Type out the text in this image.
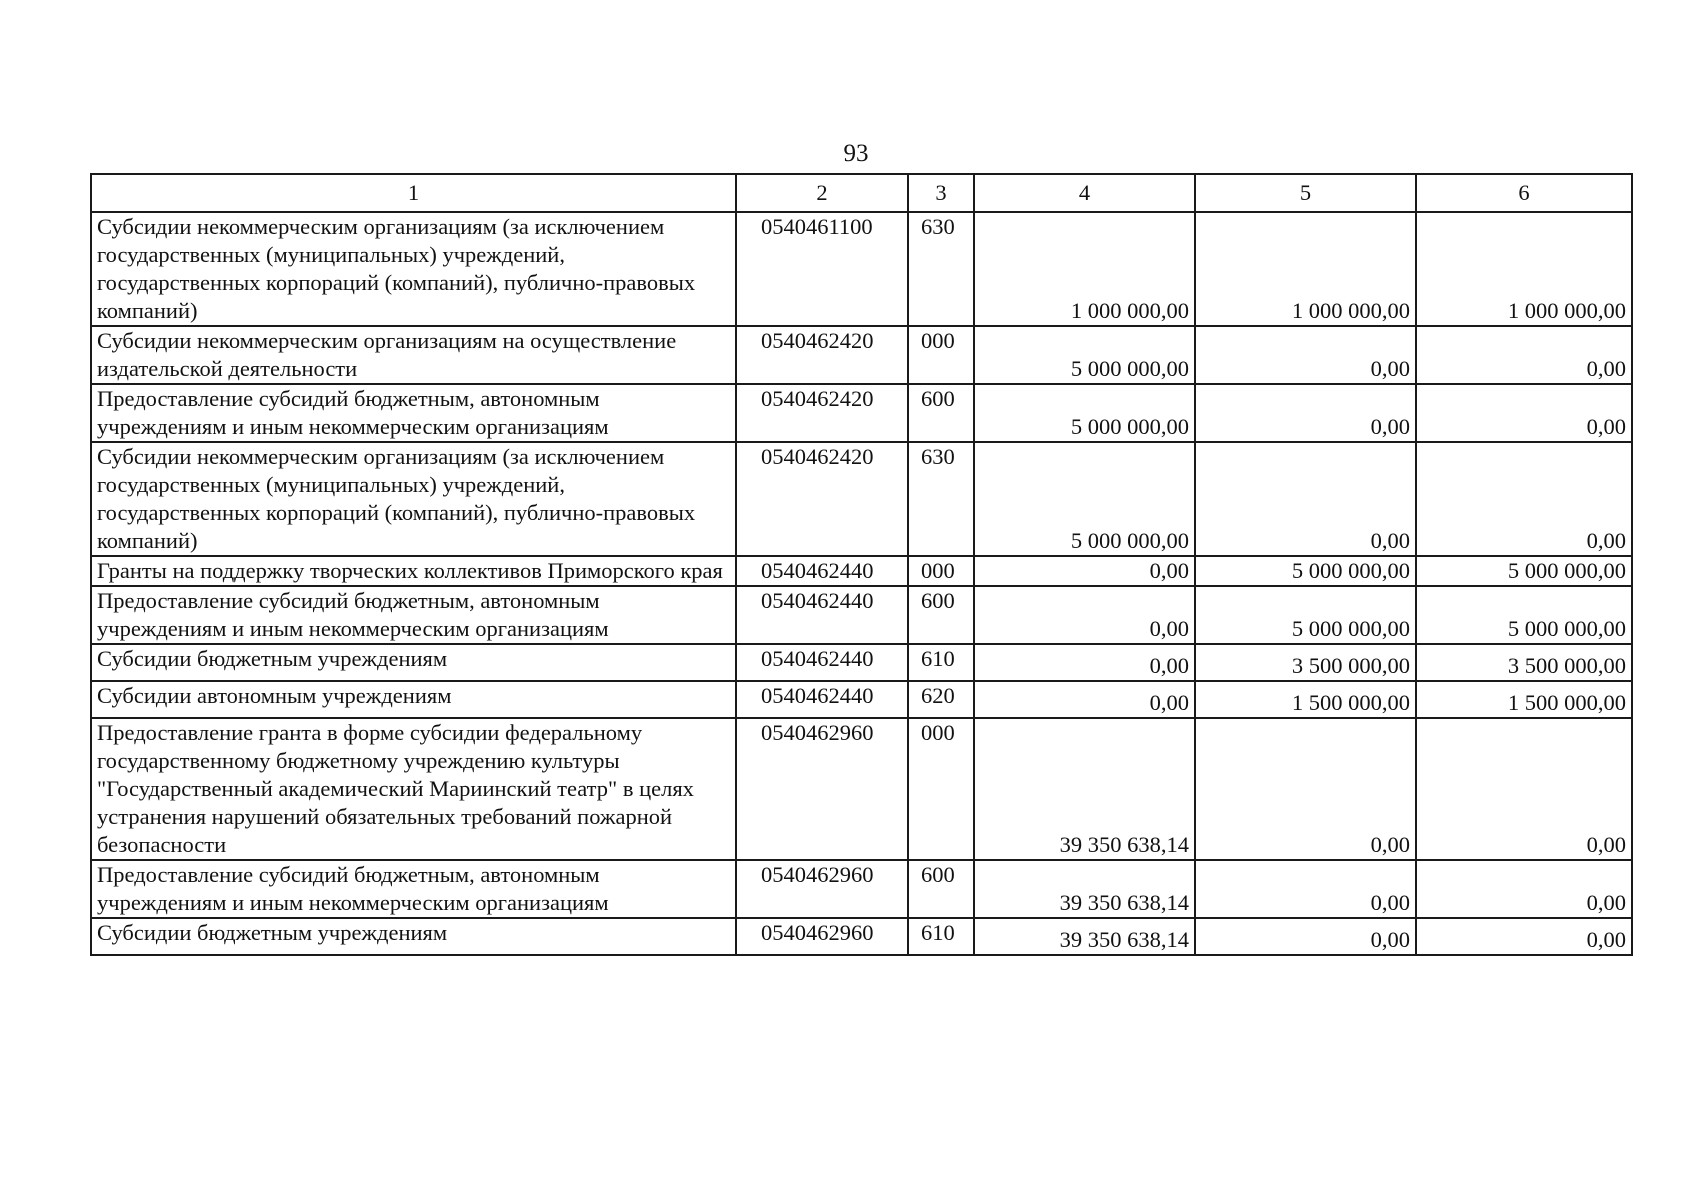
93
1	2	3	4	5	6
Субсидии некоммерческим организациям (за исключением государственных (муниципальных) учреждений, государственных корпораций (компаний), публично-правовых компаний)	0540461100	630	1 000 000,00	1 000 000,00	1 000 000,00
Субсидии некоммерческим организациям на осуществление издательской деятельности	0540462420	000	5 000 000,00	0,00	0,00
Предоставление субсидий бюджетным, автономным учреждениям и иным некоммерческим организациям	0540462420	600	5 000 000,00	0,00	0,00
Субсидии некоммерческим организациям (за исключением государственных (муниципальных) учреждений, государственных корпораций (компаний), публично-правовых компаний)	0540462420	630	5 000 000,00	0,00	0,00
Гранты на поддержку творческих коллективов Приморского края	0540462440	000	0,00	5 000 000,00	5 000 000,00
Предоставление субсидий бюджетным, автономным учреждениям и иным некоммерческим организациям	0540462440	600	0,00	5 000 000,00	5 000 000,00
Субсидии бюджетным учреждениям	0540462440	610	0,00	3 500 000,00	3 500 000,00
Субсидии автономным учреждениям	0540462440	620	0,00	1 500 000,00	1 500 000,00
Предоставление гранта в форме субсидии федеральному государственному бюджетному учреждению культуры "Государственный академический Мариинский театр" в целях устранения нарушений обязательных требований пожарной безопасности	0540462960	000	39 350 638,14	0,00	0,00
Предоставление субсидий бюджетным, автономным учреждениям и иным некоммерческим организациям	0540462960	600	39 350 638,14	0,00	0,00
Субсидии бюджетным учреждениям	0540462960	610	39 350 638,14	0,00	0,00
